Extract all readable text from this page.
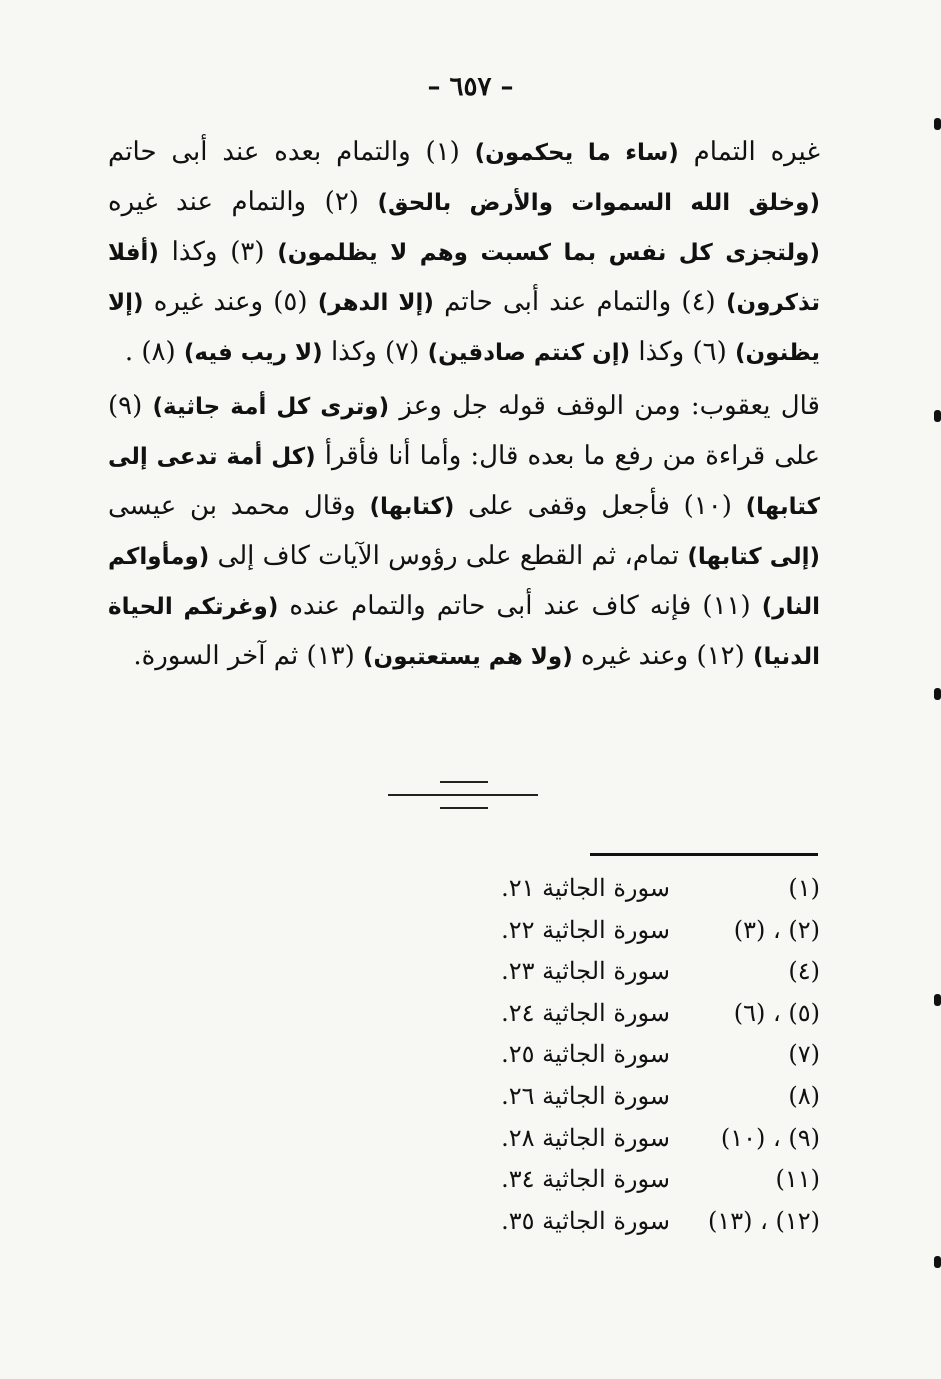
– ٦٥٧ –

غيره التمام (ساء ما يحكمون) (١) والتمام بعده عند أبى حاتم (وخلق الله السموات والأرض بالحق) (٢) والتمام عند غيره (ولتجزى كل نفس بما كسبت وهم لا يظلمون) (٣) وكذا (أفلا تذكرون) (٤) والتمام عند أبى حاتم (إلا الدهر) (٥) وعند غيره (إلا يظنون) (٦) وكذا (إن كنتم صادقين) (٧) وكذا (لا ريب فيه) (٨) .

قال يعقوب: ومن الوقف قوله جل وعز (وترى كل أمة جاثية) (٩) على قراءة من رفع ما بعده قال: وأما أنا فأقرأ (كل أمة تدعى إلى كتابها) (١٠) فأجعل وقفى على (كتابها) وقال محمد بن عيسى (إلى كتابها) تمام، ثم القطع على رؤوس الآيات كاف إلى (ومأواكم النار) (١١) فإنه كاف عند أبى حاتم والتمام عنده (وغرتكم الحياة الدنيا) (١٢) وعند غيره (ولا هم يستعتبون) (١٣) ثم آخر السورة.

(١)
سورة الجاثية ٢١.
(٢) ، (٣)
سورة الجاثية ٢٢.
(٤)
سورة الجاثية ٢٣.
(٥) ، (٦)
سورة الجاثية ٢٤.
(٧)
سورة الجاثية ٢٥.
(٨)
سورة الجاثية ٢٦.
(٩) ، (١٠)
سورة الجاثية ٢٨.
(١١)
سورة الجاثية ٣٤.
(١٢) ، (١٣)
سورة الجاثية ٣٥.
